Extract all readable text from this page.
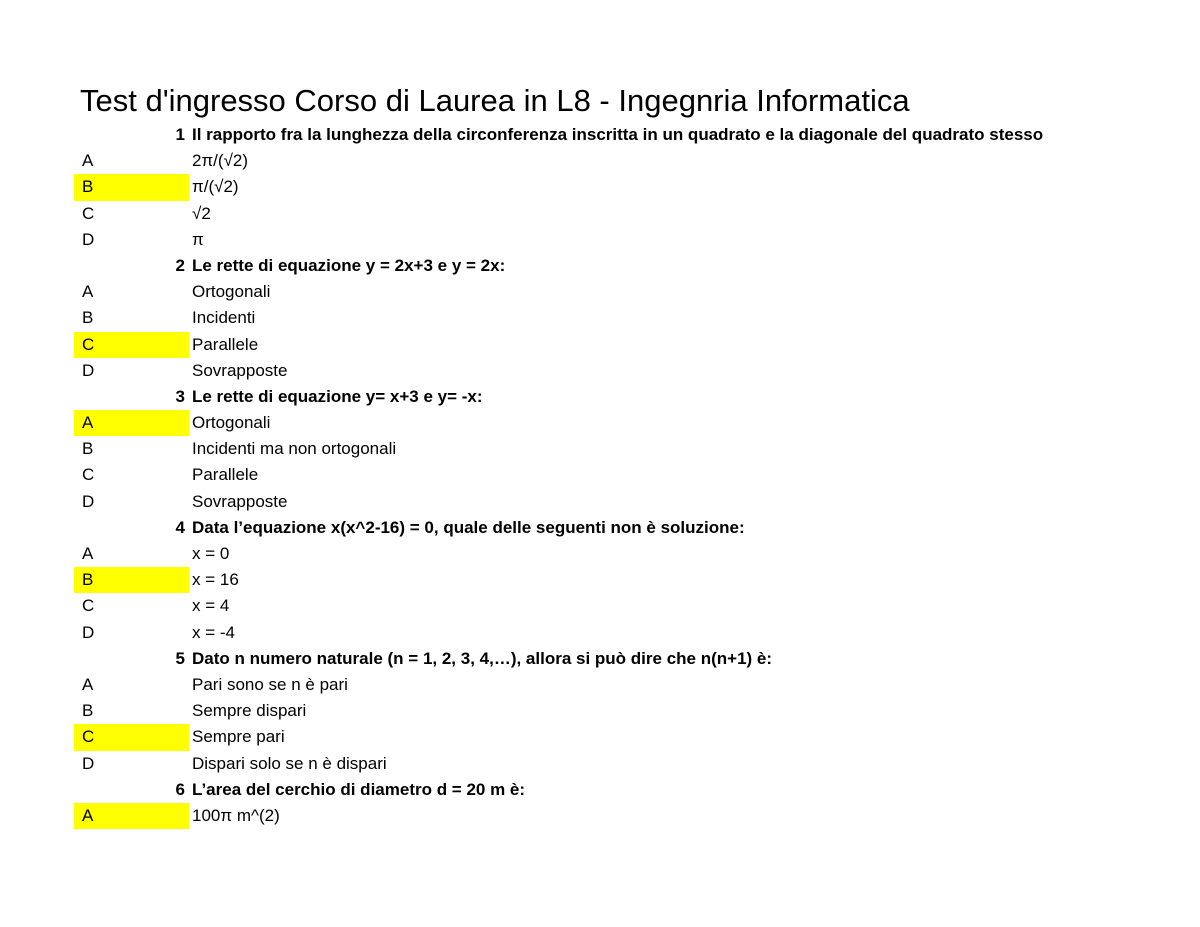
Test d'ingresso Corso di Laurea in L8 - Ingegnria Informatica
1 Il rapporto fra la lunghezza della circonferenza inscritta in un quadrato e la diagonale del quadrato stesso
A	2π/(√2)
B	π/(√2)
C	√2
D	π
2 Le rette di equazione y = 2x+3 e y = 2x:
A	Ortogonali
B	Incidenti
C	Parallele
D	Sovrapposte
3 Le rette di equazione y= x+3 e y= -x:
A	Ortogonali
B	Incidenti ma non ortogonali
C	Parallele
D	Sovrapposte
4 Data l’equazione x(x^2-16) = 0, quale delle seguenti non è soluzione:
A	x = 0
B	x = 16
C	x = 4
D	x = -4
5 Dato n numero naturale (n = 1, 2, 3, 4,…), allora si può dire che n(n+1) è:
A	Pari sono se n è pari
B	Sempre dispari
C	Sempre pari
D	Dispari solo se n è dispari
6 L’area del cerchio di diametro d = 20 m è:
A	100π m^(2)
